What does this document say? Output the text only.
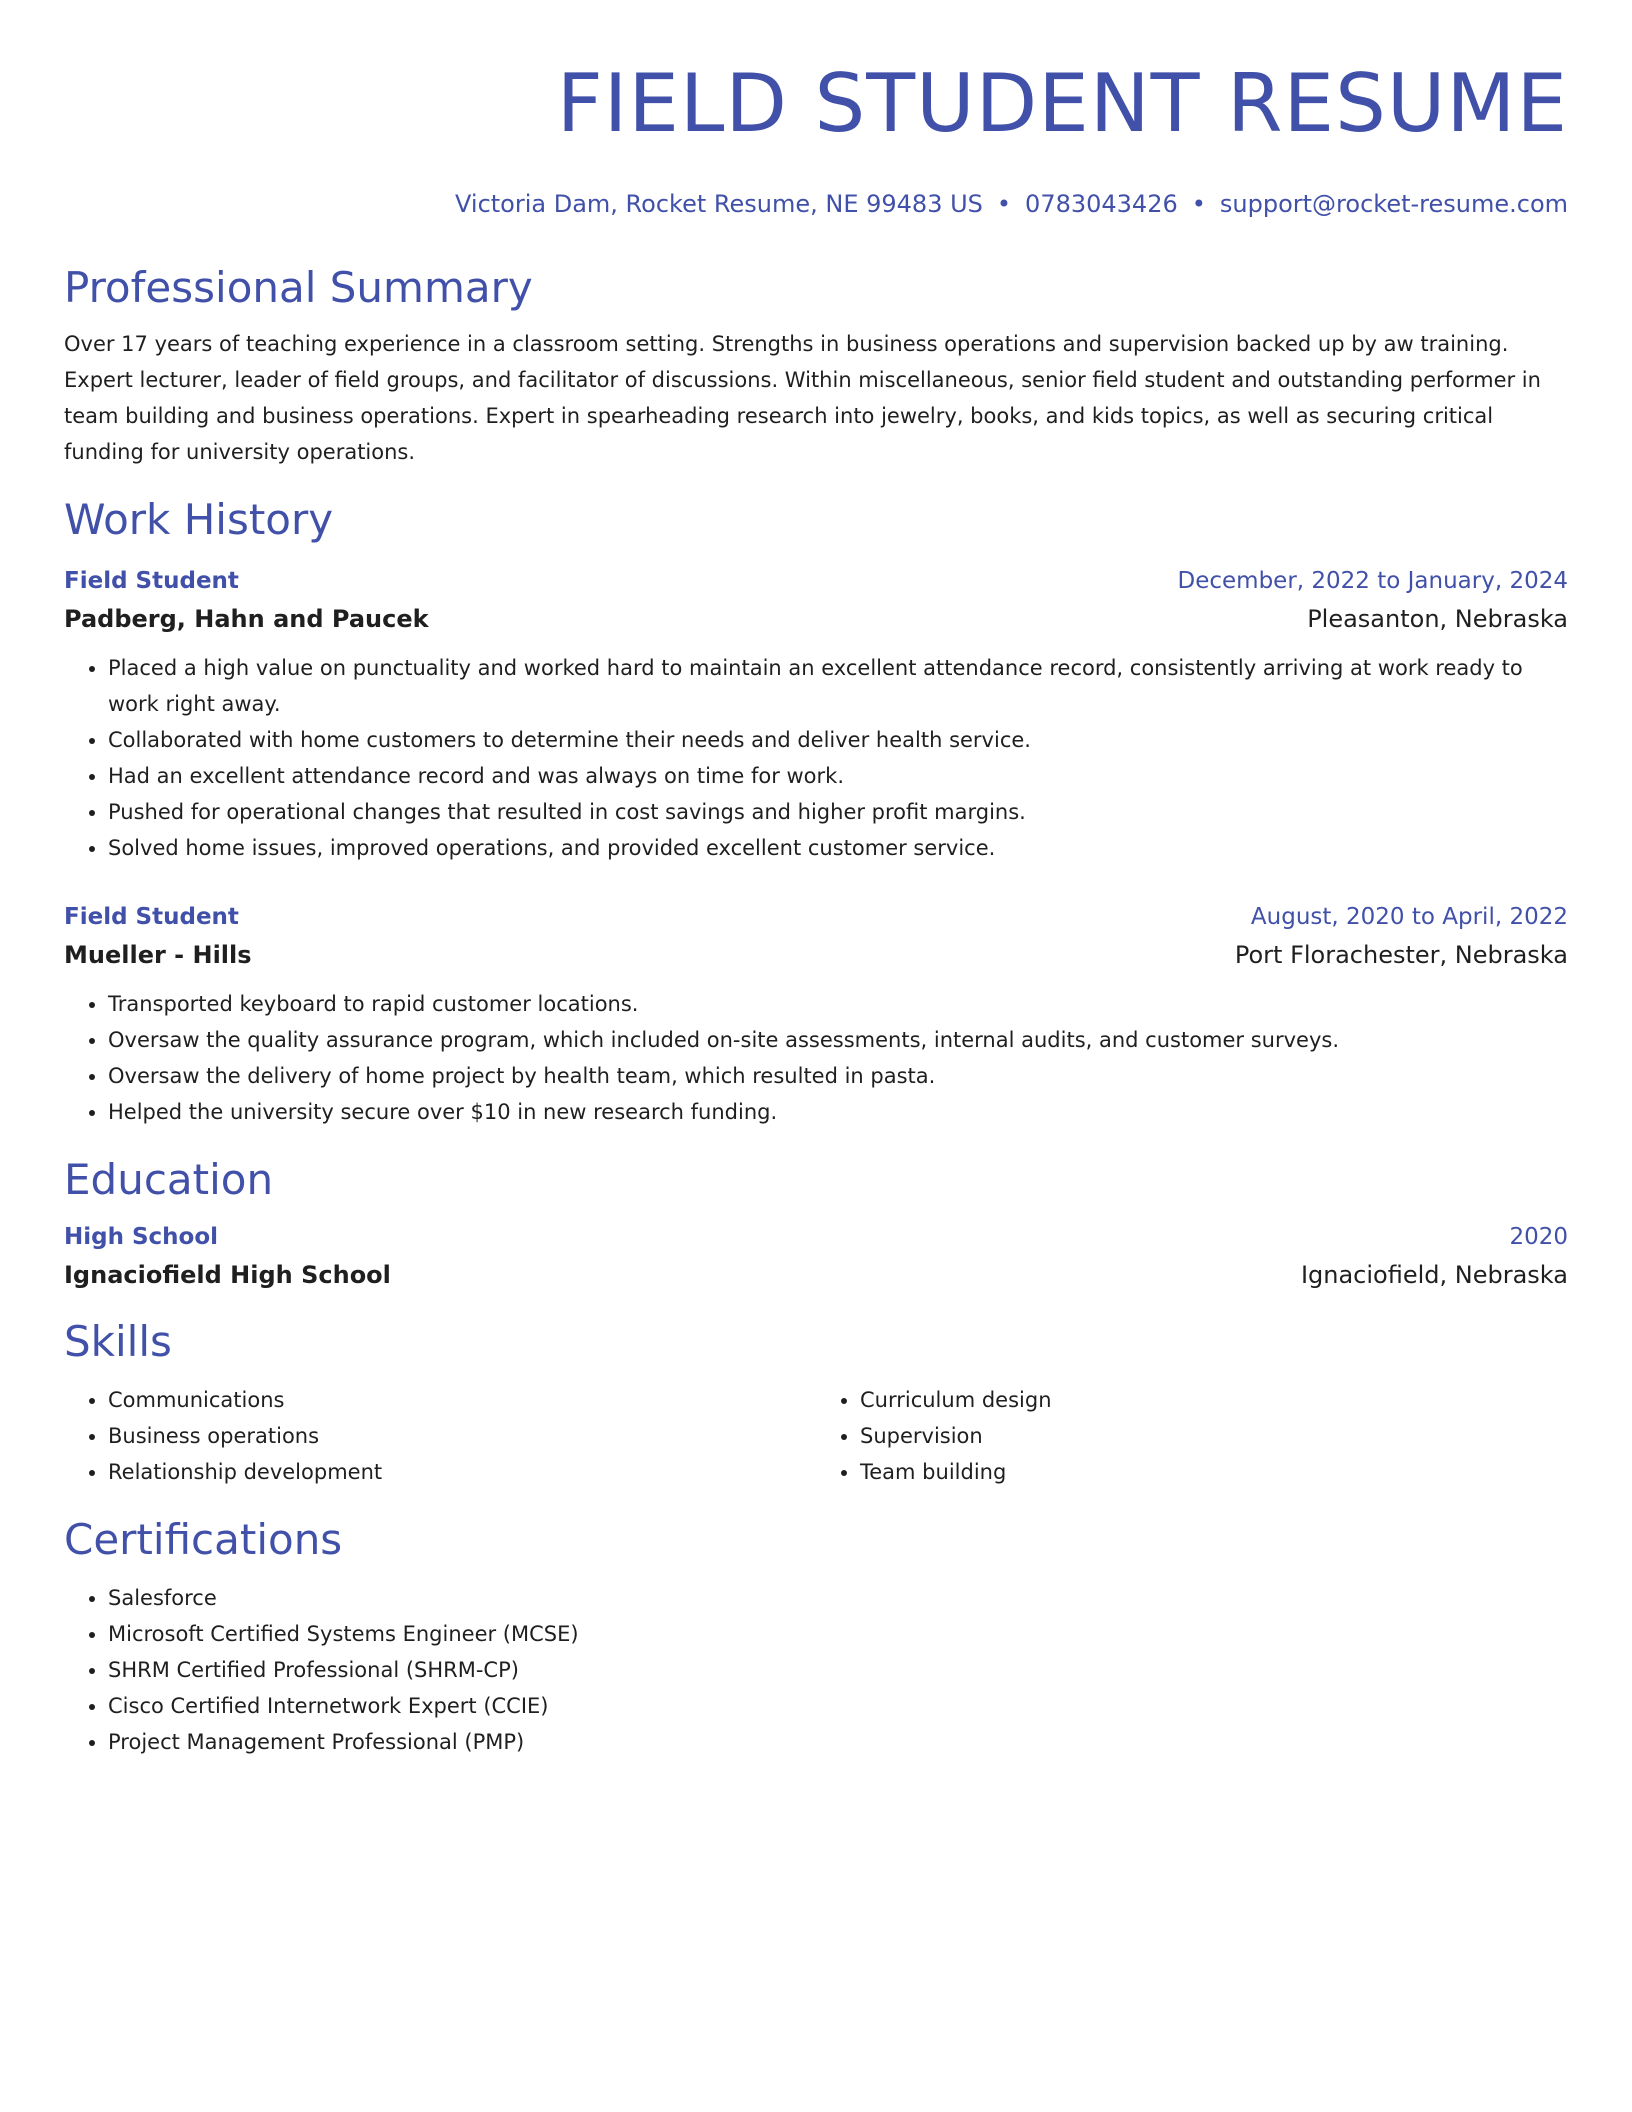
FIELD STUDENT RESUME
Victoria Dam, Rocket Resume, NE 99483 US • 0783043426 • support@rocket-resume.com
Professional Summary

Over 17 years of teaching experience in a classroom setting. Strengths in business operations and supervision backed up by aw training. Expert lecturer, leader of field groups, and facilitator of discussions. Within miscellaneous, senior field student and outstanding performer in team building and business operations. Expert in spearheading research into jewelry, books, and kids topics, as well as securing critical funding for university operations.

Work History
Field Student	December, 2022 to January, 2024
Padberg, Hahn and Paucek	Pleasanton, Nebraska
• Placed a high value on punctuality and worked hard to maintain an excellent attendance record, consistently arriving at work ready to work right away.
• Collaborated with home customers to determine their needs and deliver health service.
• Had an excellent attendance record and was always on time for work.
• Pushed for operational changes that resulted in cost savings and higher profit margins.
• Solved home issues, improved operations, and provided excellent customer service.
Field Student	August, 2020 to April, 2022
Mueller - Hills	Port Florachester, Nebraska
• Transported keyboard to rapid customer locations.
• Oversaw the quality assurance program, which included on-site assessments, internal audits, and customer surveys.
• Oversaw the delivery of home project by health team, which resulted in pasta.
• Helped the university secure over $10 in new research funding.
Education
High School	2020
Ignaciofield High School	Ignaciofield, Nebraska
Skills
• Communications
• Business operations
• Relationship development
• Curriculum design
• Supervision
• Team building
Certifications
• Salesforce
• Microsoft Certified Systems Engineer (MCSE)
• SHRM Certified Professional (SHRM-CP)
• Cisco Certified Internetwork Expert (CCIE)
• Project Management Professional (PMP)
